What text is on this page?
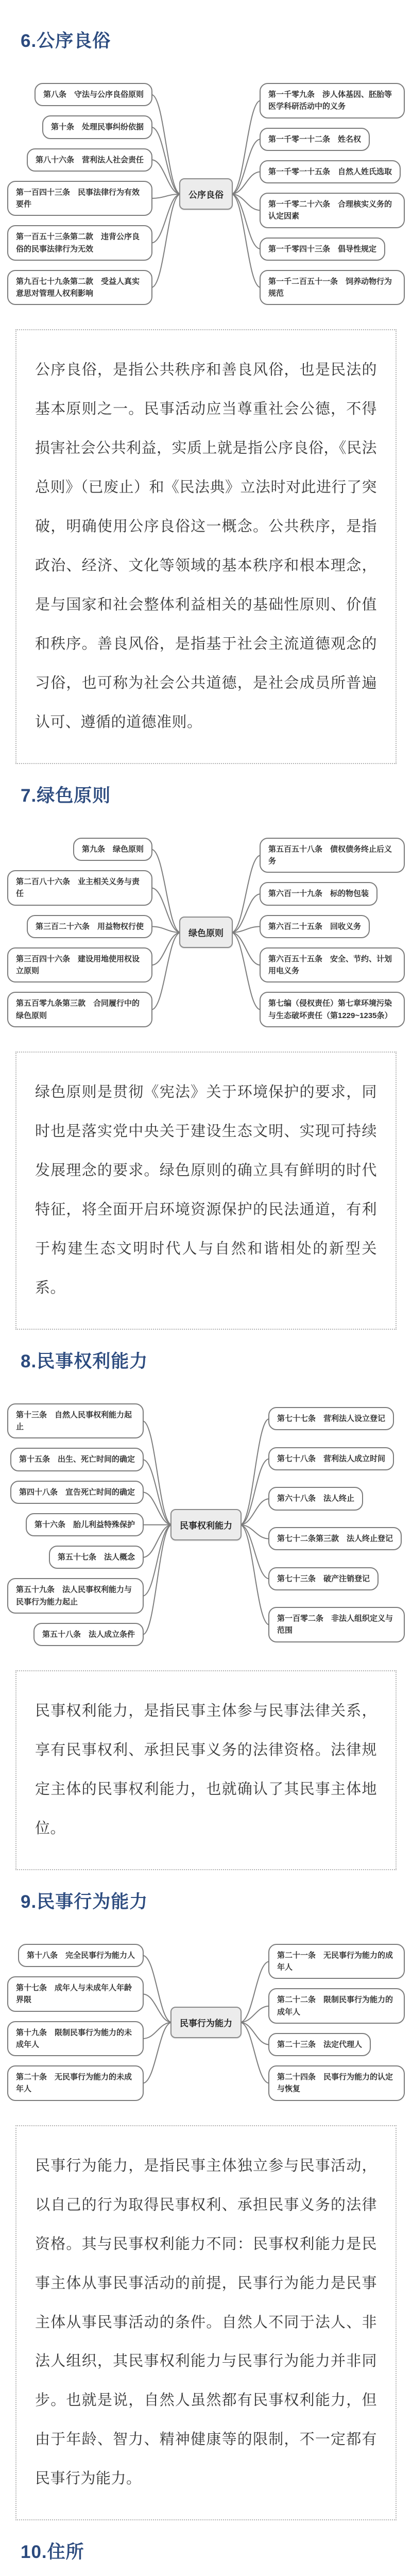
6.公序良俗
第八条　守法与公序良俗原则
第十条　处理民事纠纷依据
第八十六条　营利法人社会责任
第一百四十三条　民事法律行为有效要件
第一百五十三条第二款　违背公序良俗的民事法律行为无效
第九百七十九条第二款　受益人真实意思对管理人权利影响
公序良俗
第一千零九条　涉人体基因、胚胎等医学科研活动中的义务
第一千零一十二条　姓名权
第一千零一十五条　自然人姓氏选取
第一千零二十六条　合理核实义务的认定因素
第一千零四十三条　倡导性规定
第一千二百五十一条　饲养动物行为规范

公序良俗，是指公共秩序和善良风俗，也是民法的基本原则之一。民事活动应当尊重社会公德，不得损害社会公共利益，实质上就是指公序良俗，《民法总则》（已废止）和《民法典》立法时对此进行了突破，明确使用公序良俗这一概念。公共秩序，是指政治、经济、文化等领域的基本秩序和根本理念，是与国家和社会整体利益相关的基础性原则、价值和秩序。善良风俗，是指基于社会主流道德观念的习俗，也可称为社会公共道德，是社会成员所普遍认可、遵循的道德准则。

7.绿色原则
第九条　绿色原则
第二百八十六条　业主相关义务与责任
第三百二十六条　用益物权行使
第三百四十六条　建设用地使用权设立原则
第五百零九条第三款　合同履行中的绿色原则
绿色原则
第五百五十八条　债权债务终止后义务
第六百一十九条　标的物包装
第六百二十五条　回收义务
第六百五十五条　安全、节约、计划用电义务
第七编（侵权责任）第七章环境污染与生态破坏责任（第1229~1235条）

绿色原则是贯彻《宪法》关于环境保护的要求，同时也是落实党中央关于建设生态文明、实现可持续发展理念的要求。绿色原则的确立具有鲜明的时代特征，将全面开启环境资源保护的民法通道，有利于构建生态文明时代人与自然和谐相处的新型关系。

8.民事权利能力
第十三条　自然人民事权利能力起止
第十五条　出生、死亡时间的确定
第四十八条　宣告死亡时间的确定
第十六条　胎儿利益特殊保护
第五十七条　法人概念
第五十九条　法人民事权利能力与民事行为能力起止
第五十八条　法人成立条件
民事权利能力
第七十七条　营利法人设立登记
第七十八条　营利法人成立时间
第六十八条　法人终止
第七十二条第三款　法人终止登记
第七十三条　破产注销登记
第一百零二条　非法人组织定义与范围

民事权利能力，是指民事主体参与民事法律关系，享有民事权利、承担民事义务的法律资格。法律规定主体的民事权利能力，也就确认了其民事主体地位。

9.民事行为能力
第十八条　完全民事行为能力人
第十七条　成年人与未成年人年龄界限
第十九条　限制民事行为能力的未成年人
第二十条　无民事行为能力的未成年人
民事行为能力
第二十一条　无民事行为能力的成年人
第二十二条　限制民事行为能力的成年人
第二十三条　法定代理人
第二十四条　民事行为能力的认定与恢复

民事行为能力，是指民事主体独立参与民事活动，以自己的行为取得民事权利、承担民事义务的法律资格。其与民事权利能力不同：民事权利能力是民事主体从事民事活动的前提，民事行为能力是民事主体从事民事活动的条件。自然人不同于法人、非法人组织，其民事权利能力与民事行为能力并非同步。也就是说，自然人虽然都有民事权利能力，但由于年龄、智力、精神健康等的限制，不一定都有民事行为能力。

10.住所
